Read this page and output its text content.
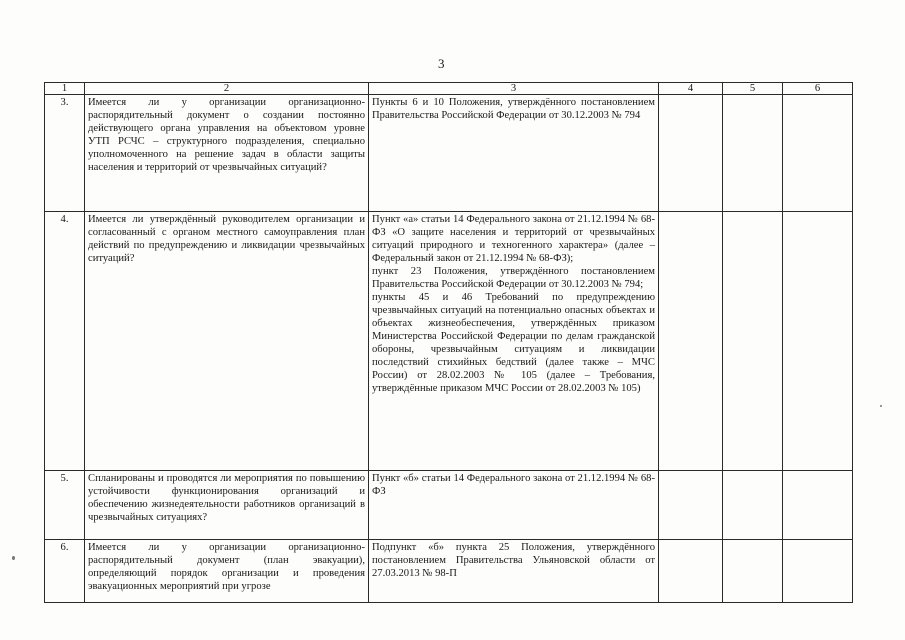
3
1	2	3	4	5	6
3.	Имеется ли у организации организационно-распорядительный документ о создании постоянно действующего органа управления на объектовом уровне УТП РСЧС – структурного подразделения, специально уполномоченного на решение задач в области защиты населения и территорий от чрезвычайных ситуаций?	Пункты 6 и 10 Положения, утверждённого постановлением Правительства Российской Федерации от 30.12.2003 № 794			
4.	Имеется ли утверждённый руководителем организации и согласованный с органом местного самоуправления план действий по предупреждению и ликвидации чрезвычайных ситуаций?	Пункт «а» статьи 14 Федерального закона от 21.12.1994 № 68-ФЗ «О защите населения и территорий от чрезвычайных ситуаций природного и техногенного характера» (далее – Федеральный закон от 21.12.1994 № 68-ФЗ);
пункт 23 Положения, утверждённого постановлением Правительства Российской Федерации от 30.12.2003 № 794;
пункты 45 и 46 Требований по предупреждению чрезвычайных ситуаций на потенциально опасных объектах и объектах жизнеобеспечения, утверждённых приказом Министерства Российской Федерации по делам гражданской обороны, чрезвычайным ситуациям и ликвидации последствий стихийных бедствий (далее также – МЧС России) от 28.02.2003 № 105 (далее – Требования, утверждённые приказом МЧС России от 28.02.2003 № 105)			
5.	Спланированы и проводятся ли мероприятия по повышению устойчивости функционирования организаций и обеспечению жизнедеятельности работников организаций в чрезвычайных ситуациях?	Пункт «б» статьи 14 Федерального закона от 21.12.1994 № 68-ФЗ			
6.	Имеется ли у организации организационно-распорядительный документ (план эвакуации), определяющий порядок организации и проведения эвакуационных мероприятий при угрозе	Подпункт «б» пункта 25 Положения, утверждённого постановлением Правительства Ульяновской области от 27.03.2013 № 98-П			
